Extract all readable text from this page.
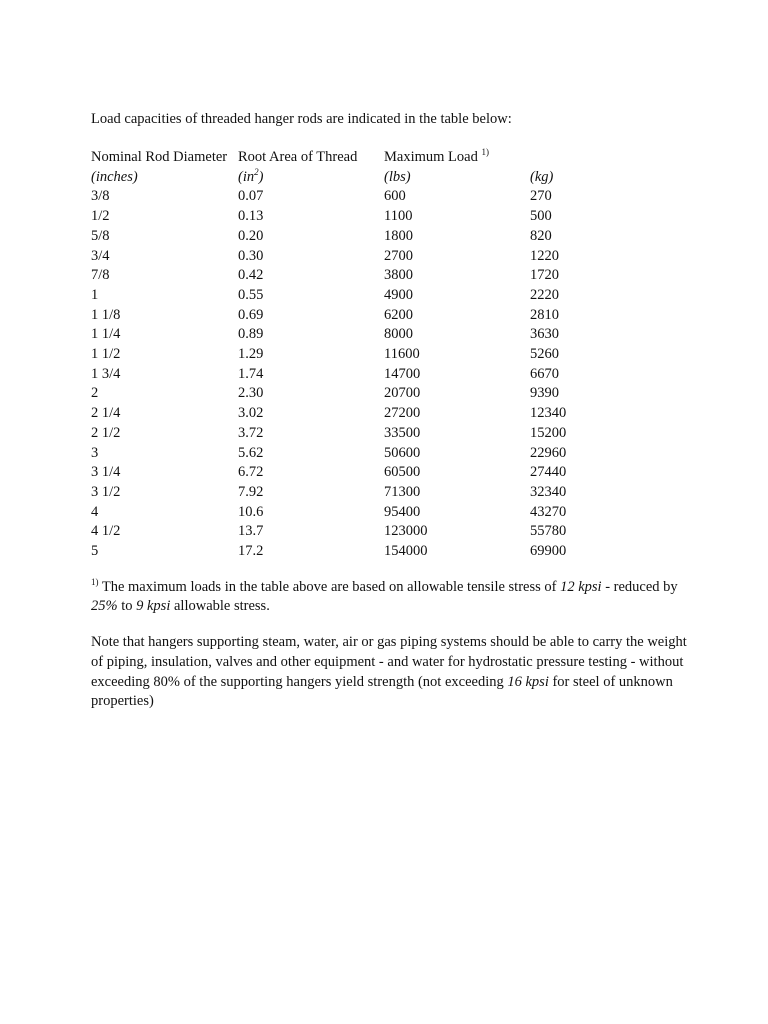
Load capacities of threaded hanger rods are indicated in the table below:

Nominal Rod Diameter	Root Area of Thread	Maximum Load $^{1)}$
(inches)	$(in^2)$	(lbs)	(kg)
3/8	0.07	600	270
1/2	0.13	1100	500
5/8	0.20	1800	820
3/4	0.30	2700	1220
7/8	0.42	3800	1720
1	0.55	4900	2220
1 1/8	0.69	6200	2810
1 1/4	0.89	8000	3630
1 1/2	1.29	11600	5260
1 3/4	1.74	14700	6670
2	2.30	20700	9390
2 1/4	3.02	27200	12340
2 1/2	3.72	33500	15200
3	5.62	50600	22960
3 1/4	6.72	60500	27440
3 1/2	7.92	71300	32340
4	10.6	95400	43270
4 1/2	13.7	123000	55780
5	17.2	154000	69900

$^{1)}$ The maximum loads in the table above are based on allowable tensile stress of 12 kpsi - reduced by 25% to 9 kpsi allowable stress.

Note that hangers supporting steam, water, air or gas piping systems should be able to carry the weight of piping, insulation, valves and other equipment - and water for hydrostatic pressure testing - without exceeding 80% of the supporting hangers yield strength (not exceeding 16 kpsi for steel of unknown properties)
